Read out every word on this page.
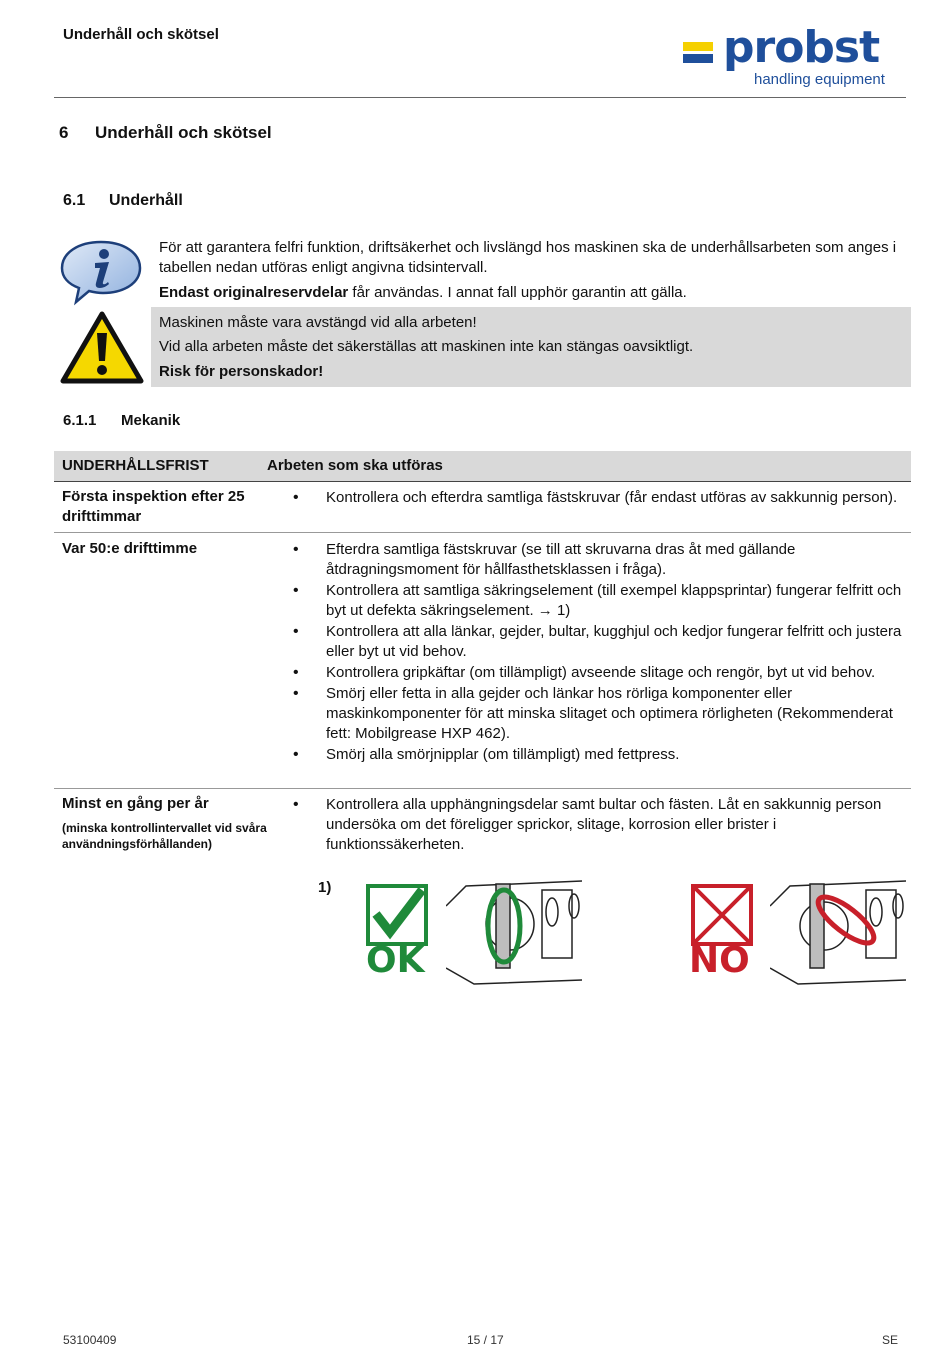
Underhåll och skötsel	probst
handling equipment
6 Underhåll och skötsel
6.1 Underhåll

För att garantera felfri funktion, driftsäkerhet och livslängd hos maskinen ska de underhållsarbeten som anges i tabellen nedan utföras enligt angivna tidsintervall.

Endast originalreservdelar får användas. I annat fall upphör garantin att gälla.

Maskinen måste vara avstängd vid alla arbeten!

Vid alla arbeten måste det säkerställas att maskinen inte kan stängas oavsiktligt.

Risk för personskador!

6.1.1 Mekanik
UNDERHÅLLSFRIST	Arbeten som ska utföras
Första inspektion efter 25 drifttimmar
• Kontrollera och efterdra samtliga fästskruvar (får endast utföras av sakkunnig person).
Var 50:e drifttimme
•	Efterdra samtliga fästskruvar (se till att skruvarna dras åt med gällande åtdragningsmoment för hållfasthetsklassen i fråga).
• Kontrollera att samtliga säkringselement (till exempel klappsprintar) fungerar felfritt och byt ut defekta säkringselement. → 1)
• Kontrollera att alla länkar, gejder, bultar, kugghjul och kedjor fungerar felfritt och justera eller byt ut vid behov.
• Kontrollera gripkäftar (om tillämpligt) avseende slitage och rengör, byt ut vid behov.
• Smörj eller fetta in alla gejder och länkar hos rörliga komponenter eller maskinkomponenter för att minska slitaget och optimera rörligheten (Rekommenderat fett: Mobilgrease HXP 462).
• Smörj alla smörjnipplar (om tillämpligt) med fettpress.
Minst en gång per år
(minska kontrollintervallet vid svåra användningsförhållanden)
• Kontrollera alla upphängningsdelar samt bultar och fästen. Låt en sakkunnig person undersöka om det föreligger sprickor, slitage, korrosion eller brister i funktionssäkerheten.
1)
OK	NO
53100409	15 / 17	SE
